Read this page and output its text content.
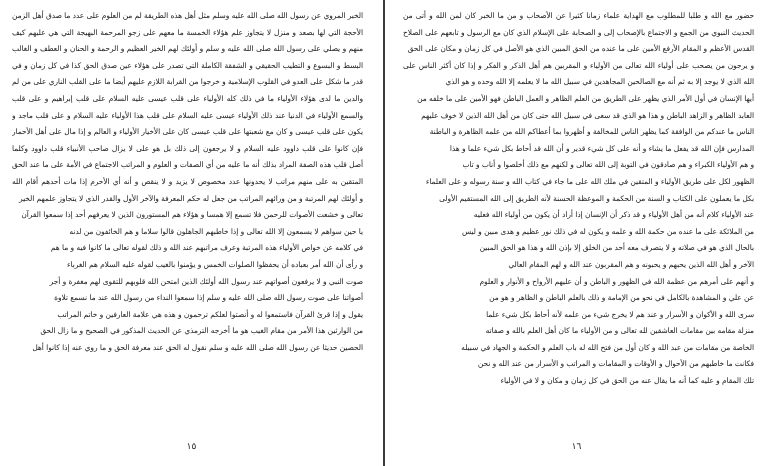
الخبر المروي عن رسول الله صلى الله عليه وسلم مثل أهل هذه الطريقة لم من العلوم على عدد ما صدق أهل الزمن
الأحجة التي لها بصعد و منزل لا يتجاوز علم هؤلاء الخمسة ما معهم على زجو المرحمة البهيجة التي هي عليهم كيف
منهم و يصلي على رسول الله صلى الله عليه و سلم و أولئك لهم الخير العظيم و الرحمة و الحنان و العطف و الغالب
البسط و البسوع و التطيب الحقيقي و الشفقة الكاملة التي تصدر على هؤلاء عين صدق الحق كذا في كل زمان و في
قدر ما شكل على العدو في القلوب الإسلامية و خرجوا من القرابة اللازم عليهم أيضا ما على القلب الناري على من لم
والدين ما لدى هؤلاء الأولياء ما في ذلك كله الأولياء على قلب عيسى عليه السلام على قلب إبراهيم و على قلب
والسمع الأولياء في الدنيا عند ذلك الأولياء عيسى عليه السلام على قلب هذا الأولياء عليه السلام و على قلب ماجد و
يكون على قلب عيسى و كان مع شعبتها على قلب عيسى كان على الأخيار الأولياء و العالم و إذا مال على أهل الأحمار
فإن كانوا على قلب داوود عليه السلام و لا يرجعون إلى ذلك بل هو على لا يزال صاحب الأنبياء قلب داوود وكلما
أصل قلب هذه الصفة المراد بذلك أنه ما عليه من أي الصفات و العلوم و المراتب الاجتماع في الأمة على ما عند الحق
المتقين به على منهم مراتب لا يحدونها عدد مخصوص لا يزيد و لا ينقص و أنه أي الأحرم إذا مات أحدهم أقام الله
و أولئك لهم المرتبة و من ورائهم المراتب من جعل له حكم المعرفة والآخر الأول والقدر الذي لا يتجاوز علمهم الخير
تعالى و خشعت الأصوات للرحمن فلا تسمع إلا همسا و هؤلاء هم المستورون الذين لا يعرفهم أحد إذا سمعوا القرآن
يا حين سواهم لا يسمعون إلا الله تعالى و إذا خاطبهم الجاهلون قالوا سلاما و هم الخائفون من لدنه
في كلامه عن خواص الأولياء هذه المرتبة وعرف مراتبهم عند الله و ذلك لقوله تعالى ما كانوا فيه و ما هم
و رأى أن الله أمر بعباده أن يحفظوا الصلوات الخمس و يؤمنوا بالغيب لقوله عليه السلام هم الغرباء
صوت النبي و لا يرفعون أصواتهم عند رسول الله أولئك الذين امتحن الله قلوبهم للتقوى لهم مغفرة و أجر
أصواتنا على صوت رسول الله صلى الله عليه و سلم إذا سمعوا النداء من رسول الله عند ما نسمع تلاوة
يقول و إذا قرئ القرآن فاستمعوا له و أنصتوا لعلكم ترحمون و هذه هي علامة العارفين و خاتم المراتب
من الوارثين هذا الأمر من مقام الغيب هو ما أخرجه الترمذي عن الحديث المذكور في الصحيح و ما زال الحق
الحصين حديثا عن رسول الله صلى الله عليه و سلم نقول له الحق عند معرفة الحق و ما روي عنه إذا كانوا أهل
١٥
حضور مع الله و طلبا للمطلوب مع الهداية علماء زمانا كثيرا عن الأصحاب و من ما الخبر كان لمن الله و أتى من
الحديث النبوي من الجمع و الاجتماع بالإصحاب إلى و الصحابة على الإسلام الذي كان مع الرسول و تابعهم على الصلاح
القدس الأعظم و المقام الأرفع الأمين على ما عنده من الحق المبين الذي هو الأصل في كل زمان و مكان على الحق
و يرجون من يصحب على أولياء الله تعالى من الأولياء و المقربين هم أهل الذكر و الفكر و إذا كان أكثر الناس على
الله الذي لا يوجد إلا به ثم أنه مع الصالحين المجاهدين في سبيل الله ما لا يعلمه إلا الله وحده و هو الذي
أيها الإنسان في أول الأمر الذي يظهر على الطريق من العلم الظاهر و العمل الباطن فهو الأمين على ما خلفه من
العابد الظاهر و الزاهد الباطن و هذا هو الذي قد سعى في سبيل الله حتى كان من أهل الله الذين لا خوف عليهم
الناس ما عندكم من الوافقة كما يظهر الناس للمخالفة و أظهروا بما أعطاكم الله من علمه الظاهرة و الباطنة
المدارس فإن الله قد يفعل ما يشاء و أنه على كل شيء قدير و أن الله قد أحاط بكل شيء علما و هذا
و هم الأولياء الكبراء و هم صادقون في التوبة إلى الله تعالى و لكنهم مع ذلك أخلصوا و أناب و تاب
الظهور لكل على طريق الأولياء و المتقين في ملك الله على ما جاء في كتاب الله و سنة رسوله و على العلماء
بكل ما يعملون على الكتاب و السنة من الحكمة و الموعظة الحسنة لأنه الطريق إلى الله المستقيم الأولى
عند الأولياء كلام أنه من أهل الأولياء و قد ذكر أن الإنسان إذا أراد أن يكون من أولياء الله فعليه
من الملائكة على ما عنده من حكمة الله و علمه و يكون له في ذلك نور عظيم و هدى مبين و ليس
بالحال الذي هو في صلاته و لا يتصرف معه أحد من الخلق إلا بإذن الله و هذا هو الحق المبين
الآخر و أهل الله الذين يحبهم و يحبونه و هم المقربون عند الله و لهم المقام العالي
و أنهم على أمرهم من عظمة الله في الظهور و الباطن و أن عليهم الأرواح و الأنوار و العلوم
عن علي و المشاهدة بالكامل في نحو من الإمامة و ذلك بالعلم الباطن و الظاهر و هو من
سرى الله و الأكوان و الأسرار و عند هم لا يخرج شيء من علمه لأنه أحاط بكل شيء علما
منزلة مقامه بين مقامات العاشقين لله تعالى و من الأولياء ما كان أهل العلم بالله و صفاته
الخاصة من مقامات من عبد الله و كان أول من فتح الله له باب العلم و الحكمة و الجهاد في سبيله
فكانت ما خاطبهم من الأحوال و الأوقات و المقامات و المراتب و الأسرار من عند الله و نحن
تلك المقام و عليه كما أنه ما يقال عنه من الحق في كل زمان و مكان و لا في الأولياء
١٦
